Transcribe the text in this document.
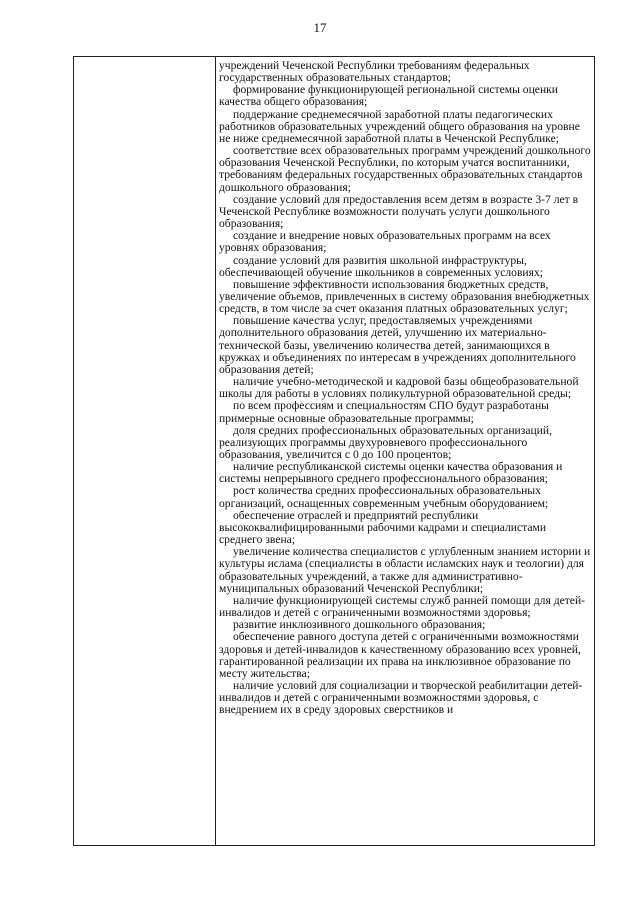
17

учреждений Чеченской Республики требованиям федеральных государственных образовательных стандартов;

формирование функционирующей региональной системы оценки качества общего образования;

поддержание среднемесячной заработной платы педагогических работников образовательных учреждений общего образования на уровне не ниже среднемесячной заработной платы в Чеченской Республике;

соответствие всех образовательных программ учреждений дошкольного образования Чеченской Республики, по которым учатся воспитанники, требованиям федеральных государственных образовательных стандартов дошкольного образования;

создание условий для предоставления всем детям в возрасте 3-7 лет в Чеченской Республике возможности получать услуги дошкольного образования;

создание и внедрение новых образовательных программ на всех уровнях образования;

создание условий для развития школьной инфраструктуры, обеспечивающей обучение школьников в современных условиях;

повышение эффективности использования бюджетных средств, увеличение объемов, привлеченных в систему образования внебюджетных средств, в том числе за счет оказания платных образовательных услуг;

повышение качества услуг, предоставляемых учреждениями дополнительного образования детей, улучшению их материально-технической базы, увеличению количества детей, занимающихся в кружках и объединениях по интересам в учреждениях дополнительного образования детей;

наличие учебно-методической и кадровой базы общеобразовательной школы для работы в условиях поликультурной образовательной среды;

по всем профессиям и специальностям СПО будут разработаны примерные основные образовательные программы;

доля средних профессиональных образовательных организаций, реализующих программы двухуровневого профессионального образования, увеличится с 0 до 100 процентов;

наличие республиканской системы оценки качества образования и системы непрерывного среднего профессионального образования;

рост количества средних профессиональных образовательных организаций, оснащенных современным учебным оборудованием;

обеспечение отраслей и предприятий республики высококвалифицированными рабочими кадрами и специалистами среднего звена;

увеличение количества специалистов с углубленным знанием истории и культуры ислама (специалисты в области исламских наук и теологии) для образовательных учреждений, а также для административно-муниципальных образований Чеченской Республики;

наличие функционирующей системы служб ранней помощи для детей-инвалидов и детей с ограниченными возможностями здоровья;

развитие инклюзивного дошкольного образования;

обеспечение равного доступа детей с ограниченными возможностями здоровья и детей-инвалидов к качественному образованию всех уровней, гарантированной реализации их права на инклюзивное образование по месту жительства;

наличие условий для социализации и творческой реабилитации детей-инвалидов и детей с ограниченными возможностями здоровья, с внедрением их в среду здоровых сверстников и
